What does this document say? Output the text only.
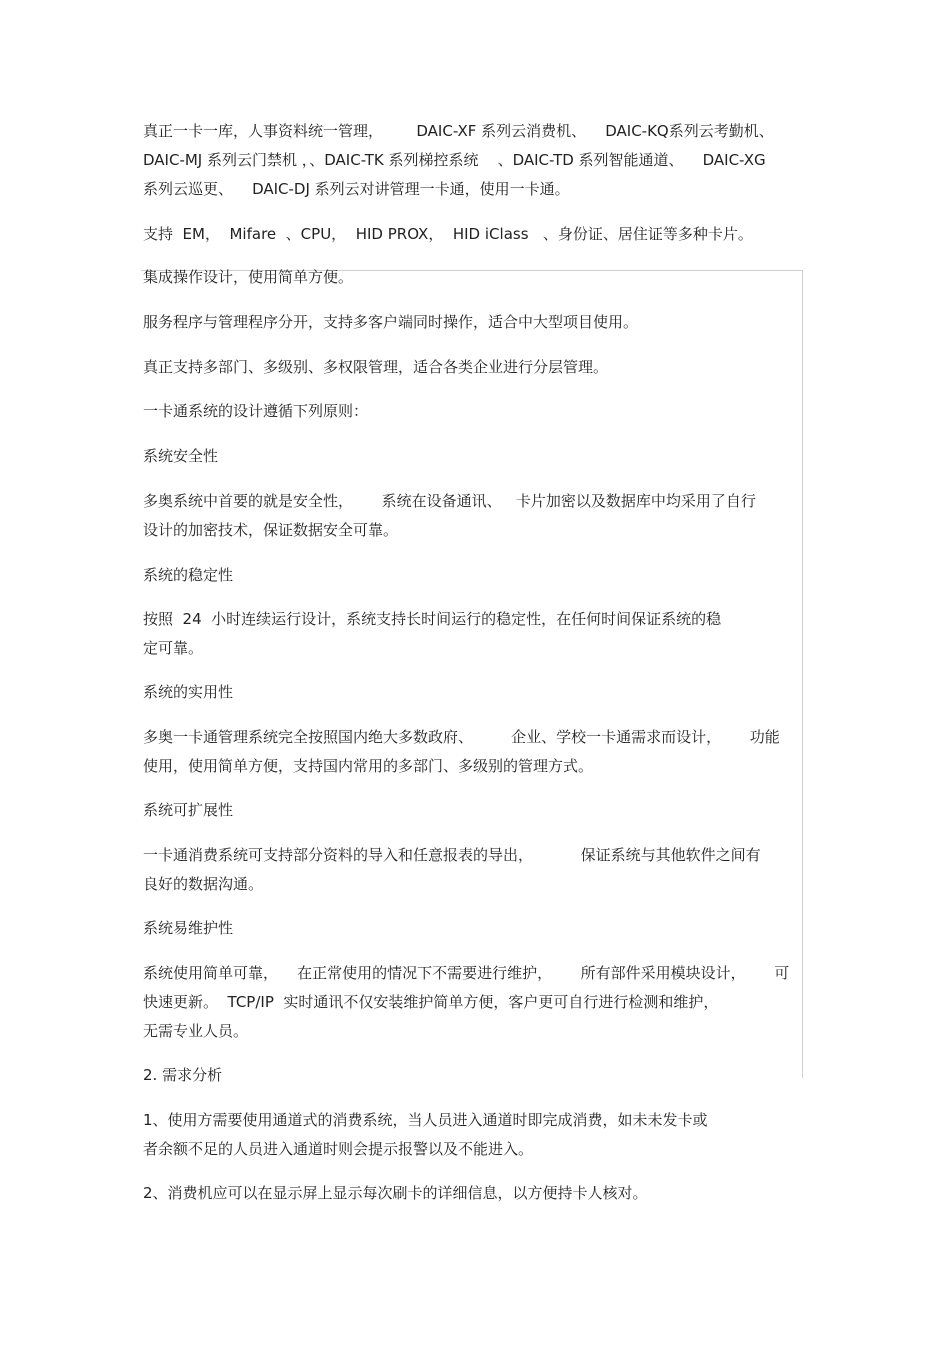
真正一卡一库，人事资料统一管理，       DAIC-XF 系列云消费机、    DAIC-KQ系列云考勤机、

DAIC-MJ 系列云门禁机 ，、DAIC-TK 系列梯控系统    、DAIC-TD 系列智能通道、    DAIC-XG

系列云巡更、    DAIC-DJ 系列云对讲管理一卡通，使用一卡通。

支持  EM，  Mifare  、CPU，  HID PROX，  HID iClass   、身份证、居住证等多种卡片。

集成操作设计，使用简单方便。

服务程序与管理程序分开，支持多客户端同时操作，适合中大型项目使用。

真正支持多部门、多级别、多权限管理，适合各类企业进行分层管理。

一卡通系统的设计遵循下列原则：

系统安全性

多奥系统中首要的就是安全性，      系统在设备通讯、   卡片加密以及数据库中均采用了自行

设计的加密技术，保证数据安全可靠。

系统的稳定性

按照  24  小时连续运行设计，系统支持长时间运行的稳定性，在任何时间保证系统的稳

定可靠。

系统的实用性

多奥一卡通管理系统完全按照国内绝大多数政府、        企业、学校一卡通需求而设计，      功能

使用，使用简单方便，支持国内常用的多部门、多级别的管理方式。

系统可扩展性

一卡通消费系统可支持部分资料的导入和任意报表的导出，          保证系统与其他软件之间有

良好的数据沟通。

系统易维护性

系统使用简单可靠，    在正常使用的情况下不需要进行维护，      所有部件采用模块设计，      可

快速更新。  TCP/IP  实时通讯不仅安装维护简单方便，客户更可自行进行检测和维护，

无需专业人员。

2. 需求分析

1、使用方需要使用通道式的消费系统，当人员进入通道时即完成消费，如未未发卡或

者余额不足的人员进入通道时则会提示报警以及不能进入。

2、消费机应可以在显示屏上显示每次刷卡的详细信息，以方便持卡人核对。
